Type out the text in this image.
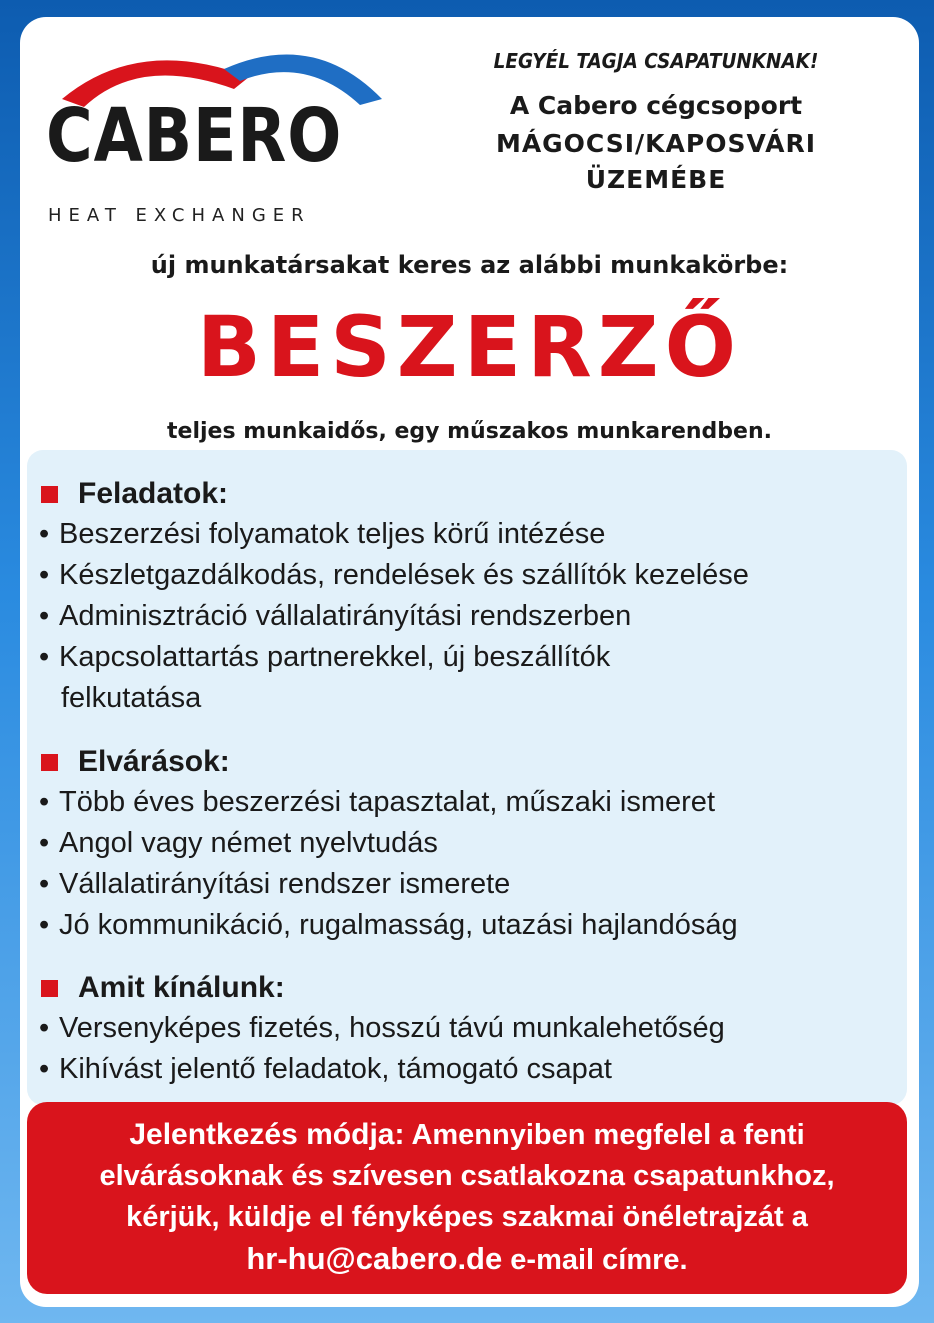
CABERO
HEAT EXCHANGER
LEGYÉL TAGJA CSAPATUNKNAK!
A Cabero cégcsoport
MÁGOCSI/KAPOSVÁRI
ÜZEMÉBE
új munkatársakat keres az alábbi munkakörbe:
BESZERZŐ
teljes munkaidős, egy műszakos munkarendben.
Feladatok:
• Beszerzési folyamatok teljes körű intézése
• Készletgazdálkodás, rendelések és szállítók kezelése
• Adminisztráció vállalatirányítási rendszerben
• Kapcsolattartás partnerekkel, új beszállítók
felkutatása
Elvárások:
• Több éves beszerzési tapasztalat, műszaki ismeret
• Angol vagy német nyelvtudás
• Vállalatirányítási rendszer ismerete
• Jó kommunikáció, rugalmasság, utazási hajlandóság
Amit kínálunk:
• Versenyképes fizetés, hosszú távú munkalehetőség
• Kihívást jelentő feladatok, támogató csapat
Jelentkezés módja: Amennyiben megfelel a fenti
elvárásoknak és szívesen csatlakozna csapatunkhoz,
kérjük, küldje el fényképes szakmai önéletrajzát a
hr-hu@cabero.de e-mail címre.
